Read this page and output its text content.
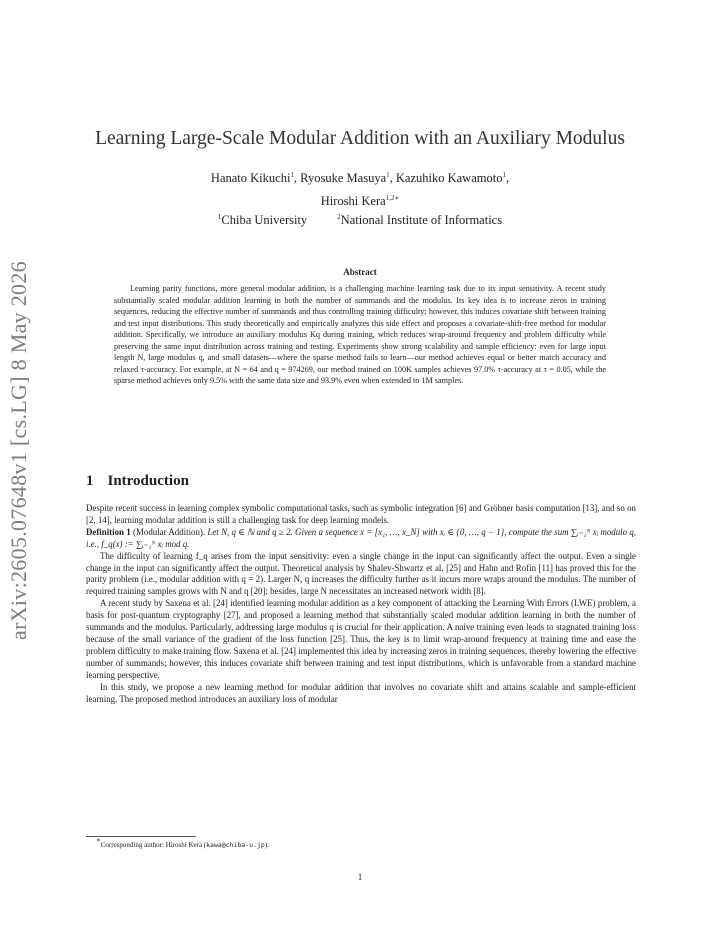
arXiv:2605.07648v1 [cs.LG] 8 May 2026
Learning Large-Scale Modular Addition with an Auxiliary Modulus
Hanato Kikuchi$^1$, Ryosuke Masuya$^1$, Kazuhiko Kawamoto$^1$,
Hiroshi Kera$^{1,2∗}$
$^1$Chiba University	$^2$National Institute of Informatics
Abstract
Learning parity functions, more general modular addition, is a challenging machine learning task due to its input sensitivity. A recent study substantially scaled modular addition learning in both the number of summands and the modulus. Its key idea is to increase zeros in training sequences, reducing the effective number of summands and thus controlling training difficulty; however, this induces covariate shift between training and test input distributions. This study theoretically and empirically analyzes this side effect and proposes a covariate-shift-free method for modular addition. Specifically, we introduce an auxiliary modulus Kq during training, which reduces wrap-around frequency and problem difficulty while preserving the same input distribution across training and testing. Experiments show strong scalability and sample efficiency: even for large input length N, large modulus q, and small datasets—where the sparse method fails to learn—our method achieves equal or better match accuracy and relaxed τ-accuracy. For example, at N = 64 and q = 974269, our method trained on 100K samples achieves 97.0% τ-accuracy at τ = 0.05, while the sparse method achieves only 9.5% with the same data size and 93.9% even when extended to 1M samples.
1 Introduction

Despite recent success in learning complex symbolic computational tasks, such as symbolic integration [6] and Gröbner basis computation [13], and so on [2, 14], learning modular addition is still a challenging task for deep learning models.

Definition 1 (Modular Addition). Let N, q ∈ ℕ and q ≥ 2. Given a sequence x = [x₁, …, x_N] with xᵢ ∈ {0, …, q − 1}, compute the sum ∑ᵢ₌₁ᴺ xᵢ modulo q, i.e., f_q(x) := ∑ᵢ₌₁ᴺ xᵢ mod q.

The difficulty of learning f_q arises from the input sensitivity: even a single change in the input can significantly affect the output. Even a single change in the input can significantly affect the output. Theoretical analysis by Shalev-Shwartz et al. [25] and Hahn and Rofin [11] has proved this for the parity problem (i.e., modular addition with q = 2). Larger N, q increases the difficulty further as it incurs more wraps around the modulus. The number of required training samples grows with N and q [20]; besides, large N necessitates an increased network width [8].

A recent study by Saxena et al. [24] identified learning modular addition as a key component of attacking the Learning With Errors (LWE) problem, a basis for post-quantum cryptography [27], and proposed a learning method that substantially scaled modular addition learning in both the number of summands and the modulus. Particularly, addressing large modulus q is crucial for their application. A naive training even leads to stagnated training loss because of the small variance of the gradient of the loss function [25]. Thus, the key is to limit wrap-around frequency at training time and ease the problem difficulty to make training flow. Saxena et al. [24] implemented this idea by increasing zeros in training sequences, thereby lowering the effective number of summands; however, this induces covariate shift between training and test input distributions, which is unfavorable from a standard machine learning perspective.

In this study, we propose a new learning method for modular addition that involves no covariate shift and attains scalable and sample-efficient learning. The proposed method introduces an auxiliary loss of modular

∗Corresponding author: Hiroshi Kera (kawa@chiba-u.jp).
1
